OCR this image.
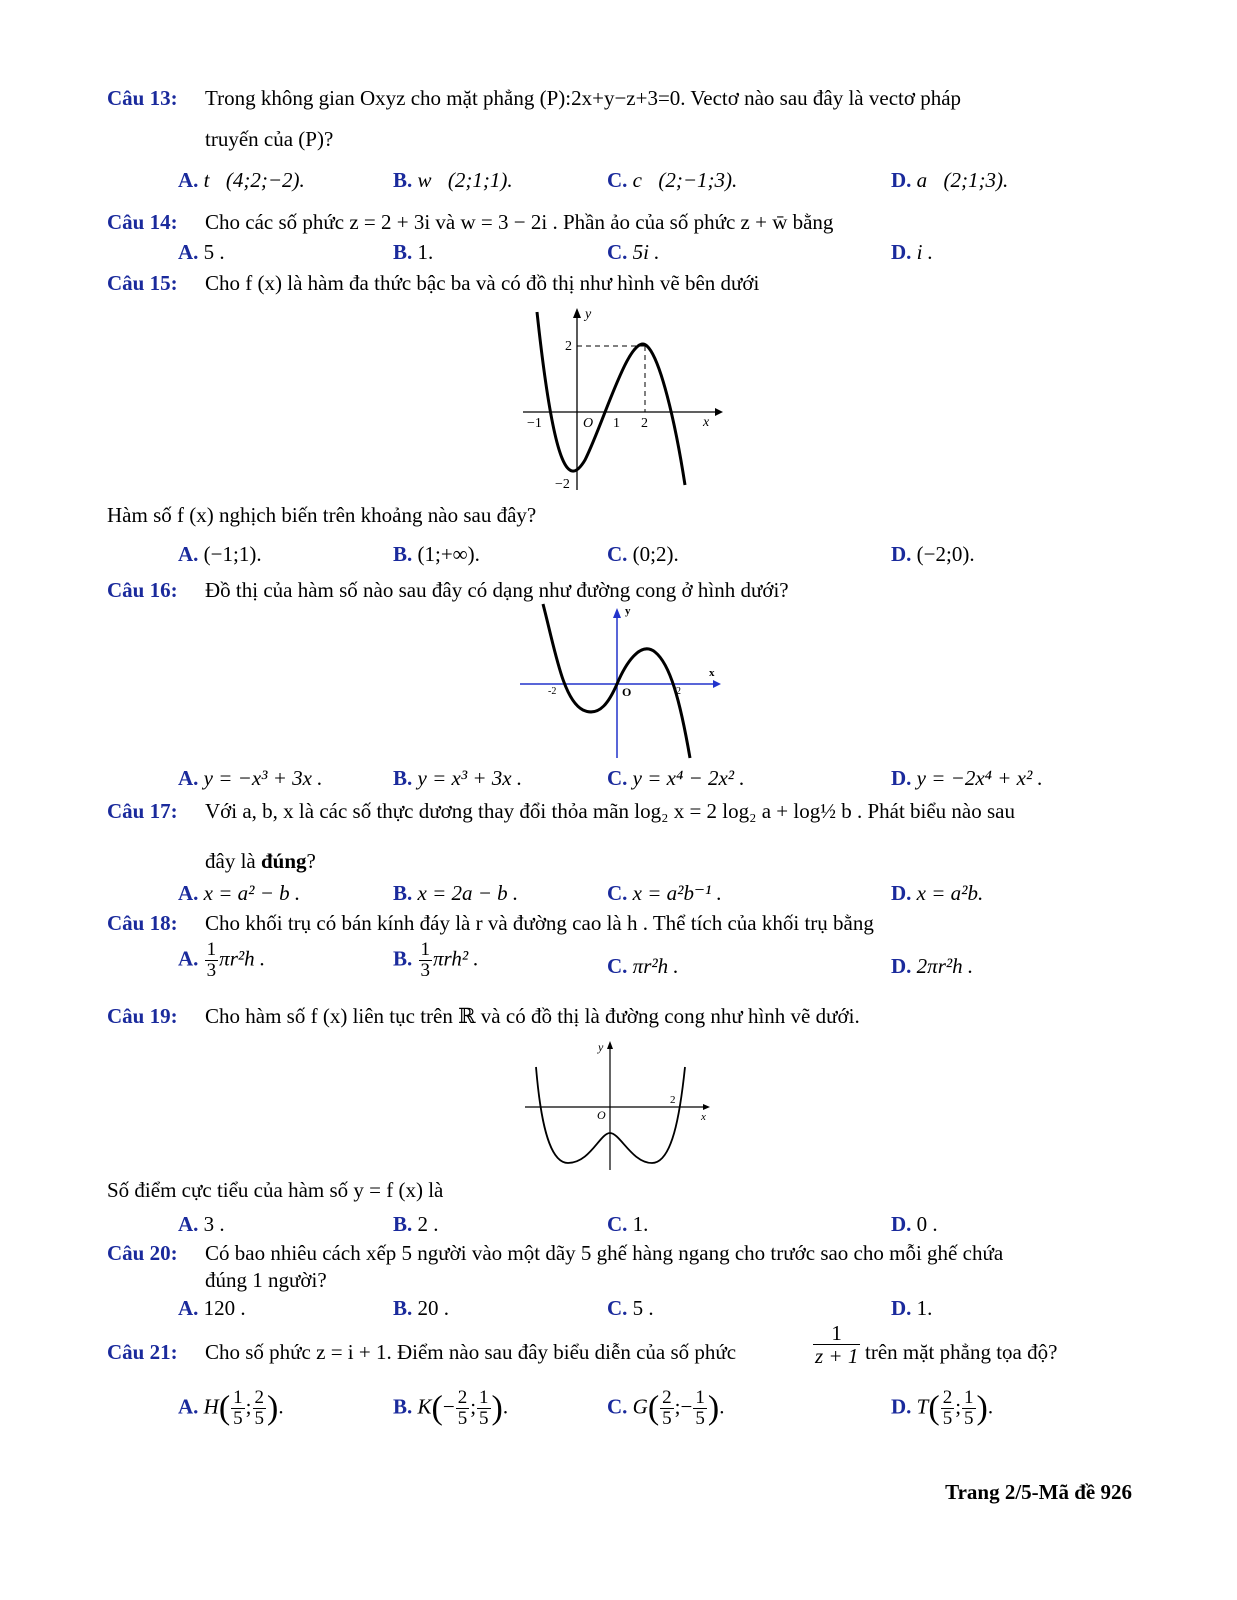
Câu 13: Trong không gian Oxyz cho mặt phẳng (P):2x+y−z+3=0. Vectơ nào sau đây là vectơ pháp
truyến của (P)?
A. t⃗(4;2;−2).	B. w⃗(2;1;1).	C. c⃗(2;−1;3).	D. a⃗(2;1;3).
Câu 14: Cho các số phức z = 2 + 3i và w = 3 − 2i . Phần ảo của số phức z + w̄ bằng
A. 5 .	B. 1.	C. 5i .	D. i .
Câu 15: Cho f (x) là hàm đa thức bậc ba và có đồ thị như hình vẽ bên dưới
y
x
O
−1	1 2
2
−2
Hàm số f (x) nghịch biến trên khoảng nào sau đây?
A. (−1;1).	B. (1;+∞).	C. (0;2).	D. (−2;0).
Câu 16: Đồ thị của hàm số nào sau đây có dạng như đường cong ở hình dưới?
y
x
O
-2	2
A. y = −x³ + 3x .	B. y = x³ + 3x .	C. y = x⁴ − 2x² .	D. y = −2x⁴ + x² .
Câu 17: Với a, b, x là các số thực dương thay đổi thỏa mãn log₂ x = 2 log₂ a + log½ b . Phát biểu nào sau
đây là đúng?
A. x = a² − b .	B. x = 2a − b .	C. x = a²b⁻¹ .	D. x = a²b.
Câu 18: Cho khối trụ có bán kính đáy là r và đường cao là h . Thể tích của khối trụ bằng
A. $\frac{1}{3} \pi r^2h$ .	B. $\frac{1}{3} \pi rh^2$ .	C. πr²h .	D. 2πr²h .
Câu 19: Cho hàm số f (x) liên tục trên ℝ và có đồ thị là đường cong như hình vẽ dưới.
y
x
O
2
Số điểm cực tiểu của hàm số y = f (x) là
A. 3 .	B. 2 .	C. 1.	D. 0 .
Câu 20: Có bao nhiêu cách xếp 5 người vào một dãy 5 ghế hàng ngang cho trước sao cho mỗi ghế chứa
đúng 1 người?
A. 120 .	B. 20 .	C. 5 .	D. 1.
Câu 21: Cho số phức z = i + 1. Điểm nào sau đây biểu diễn của số phức	$\frac{1}{z + 1}$ trên mặt phẳng tọa độ?
A. $H( \frac{1}{5}$ ; $\frac{2}{5}$ ).	B. $K(- \frac{2}{5}$ ; $\frac{1}{5}$ ).	C. $G( \frac{2}{5}$ ;− $\frac{1}{5}$ ).	D. $T( \frac{2}{5}$ ; $\frac{1}{5}$ ).
Trang 2/5-Mã đề 926
